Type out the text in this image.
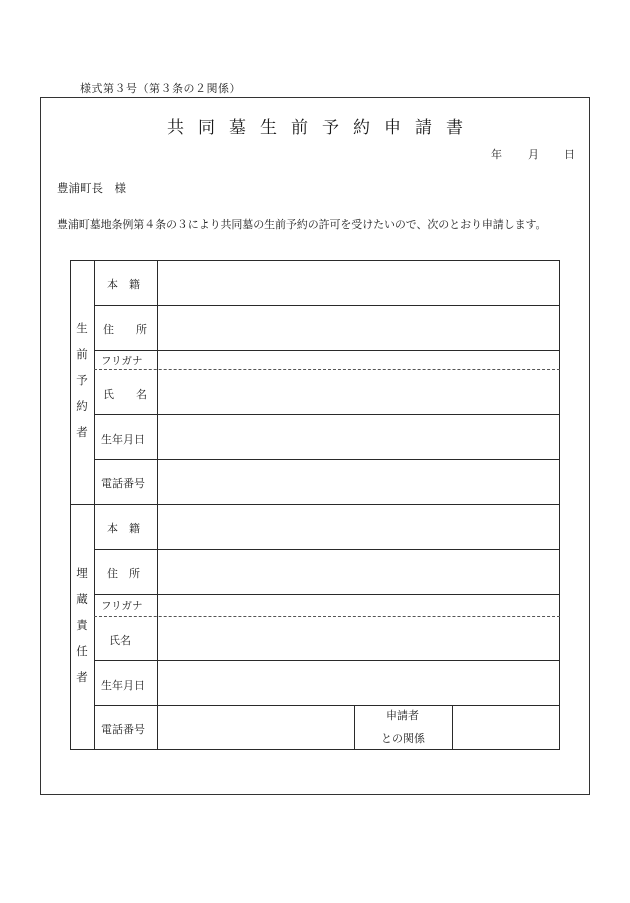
様式第３号（第３条の２関係）
共同墓生前予約申請書
年 月 日
豊浦町長　様
豊浦町墓地条例第４条の３により共同墓の生前予約の許可を受けたいので、次のとおり申請します。
生
前
予
約
者
本　籍
住　　所
フリガナ
氏　　名
生年月日
電話番号
埋
蔵
責
任
者
本　籍
住　所
フリガナ
氏名
生年月日
電話番号
申請者
との関係
